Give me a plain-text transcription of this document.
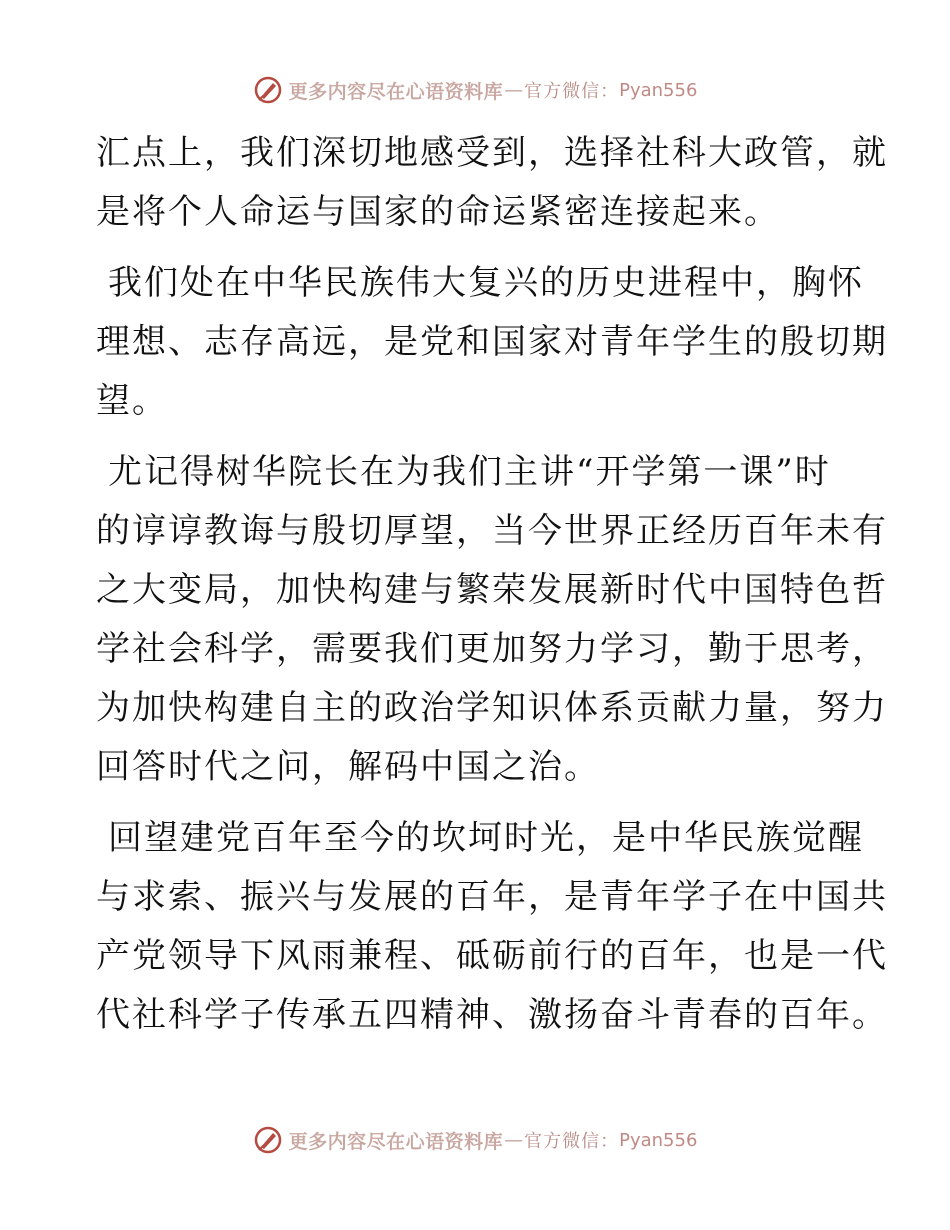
更多内容尽在心语资料库 — 官方微信： Pyan556

汇点上，我们深切地感受到，选择社科大政管，就
是将个人命运与国家的命运紧密连接起来。

我们处在中华民族伟大复兴的历史进程中，胸怀
理想、志存高远，是党和国家对青年学生的殷切期
望。

尤记得树华院长在为我们主讲“开学第一课”时
的谆谆教诲与殷切厚望，当今世界正经历百年未有
之大变局，加快构建与繁荣发展新时代中国特色哲
学社会科学，需要我们更加努力学习，勤于思考，
为加快构建自主的政治学知识体系贡献力量，努力
回答时代之问，解码中国之治。

回望建党百年至今的坎坷时光，是中华民族觉醒
与求索、振兴与发展的百年，是青年学子在中国共
产党领导下风雨兼程、砥砺前行的百年，也是一代
代社科学子传承五四精神、激扬奋斗青春的百年。

更多内容尽在心语资料库 — 官方微信： Pyan556
